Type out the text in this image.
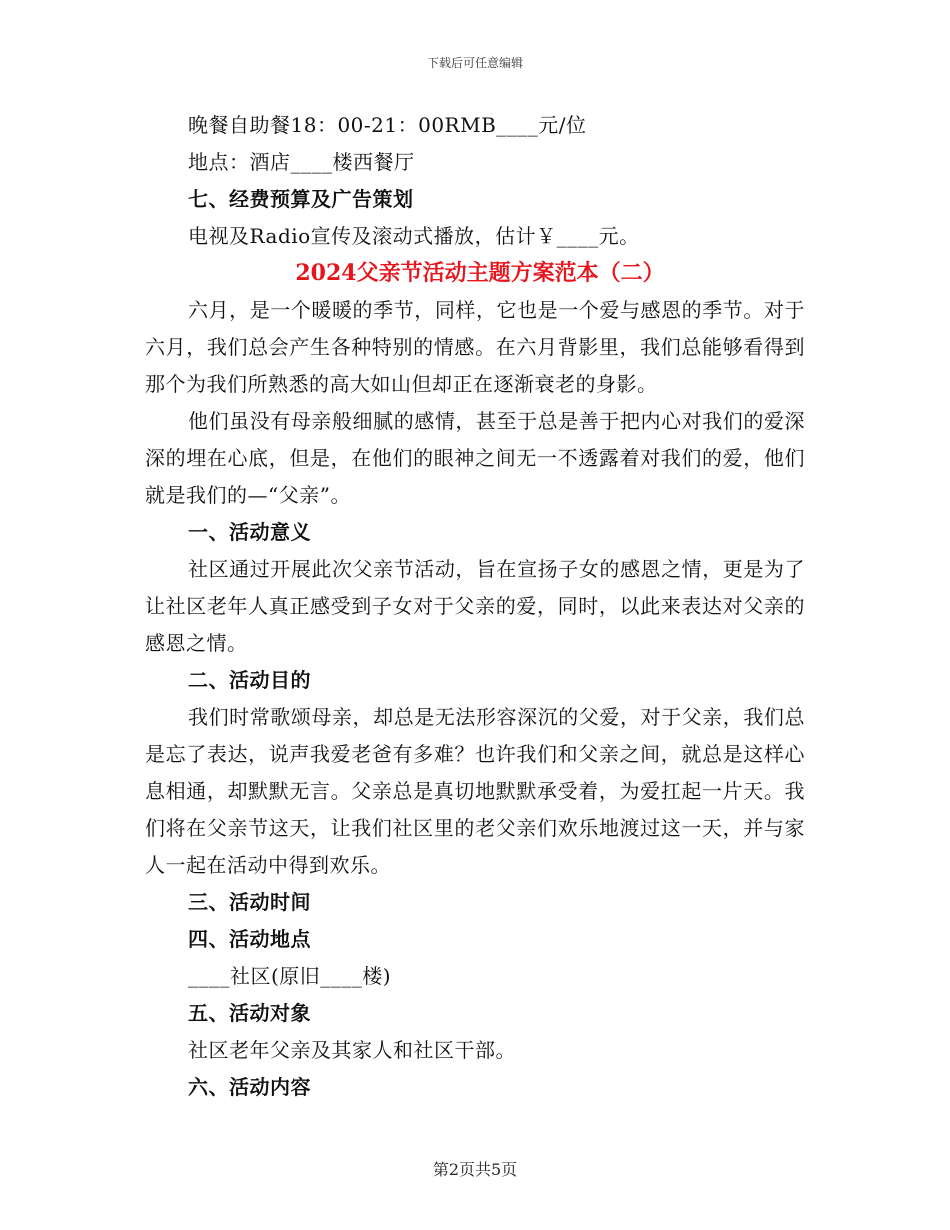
下载后可任意编辑
晚餐自助餐18：00-21：00RMB____元/位
地点：酒店____楼西餐厅
七、经费预算及广告策划
电视及Radio宣传及滚动式播放，估计￥____元。
2024父亲节活动主题方案范本（二）
六月，是一个暖暖的季节，同样，它也是一个爱与感恩的季节。对于六月，我们总会产生各种特别的情感。在六月背影里，我们总能够看得到那个为我们所熟悉的高大如山但却正在逐渐衰老的身影。
他们虽没有母亲般细腻的感情，甚至于总是善于把内心对我们的爱深深的埋在心底，但是，在他们的眼神之间无一不透露着对我们的爱，他们就是我们的—“父亲”。
一、活动意义
社区通过开展此次父亲节活动，旨在宣扬子女的感恩之情，更是为了让社区老年人真正感受到子女对于父亲的爱，同时，以此来表达对父亲的感恩之情。
二、活动目的
我们时常歌颂母亲，却总是无法形容深沉的父爱，对于父亲，我们总是忘了表达，说声我爱老爸有多难？也许我们和父亲之间，就总是这样心息相通，却默默无言。父亲总是真切地默默承受着，为爱扛起一片天。我们将在父亲节这天，让我们社区里的老父亲们欢乐地渡过这一天，并与家人一起在活动中得到欢乐。
三、活动时间
四、活动地点
____社区(原旧____楼)
五、活动对象
社区老年父亲及其家人和社区干部。
六、活动内容
第2页共5页
